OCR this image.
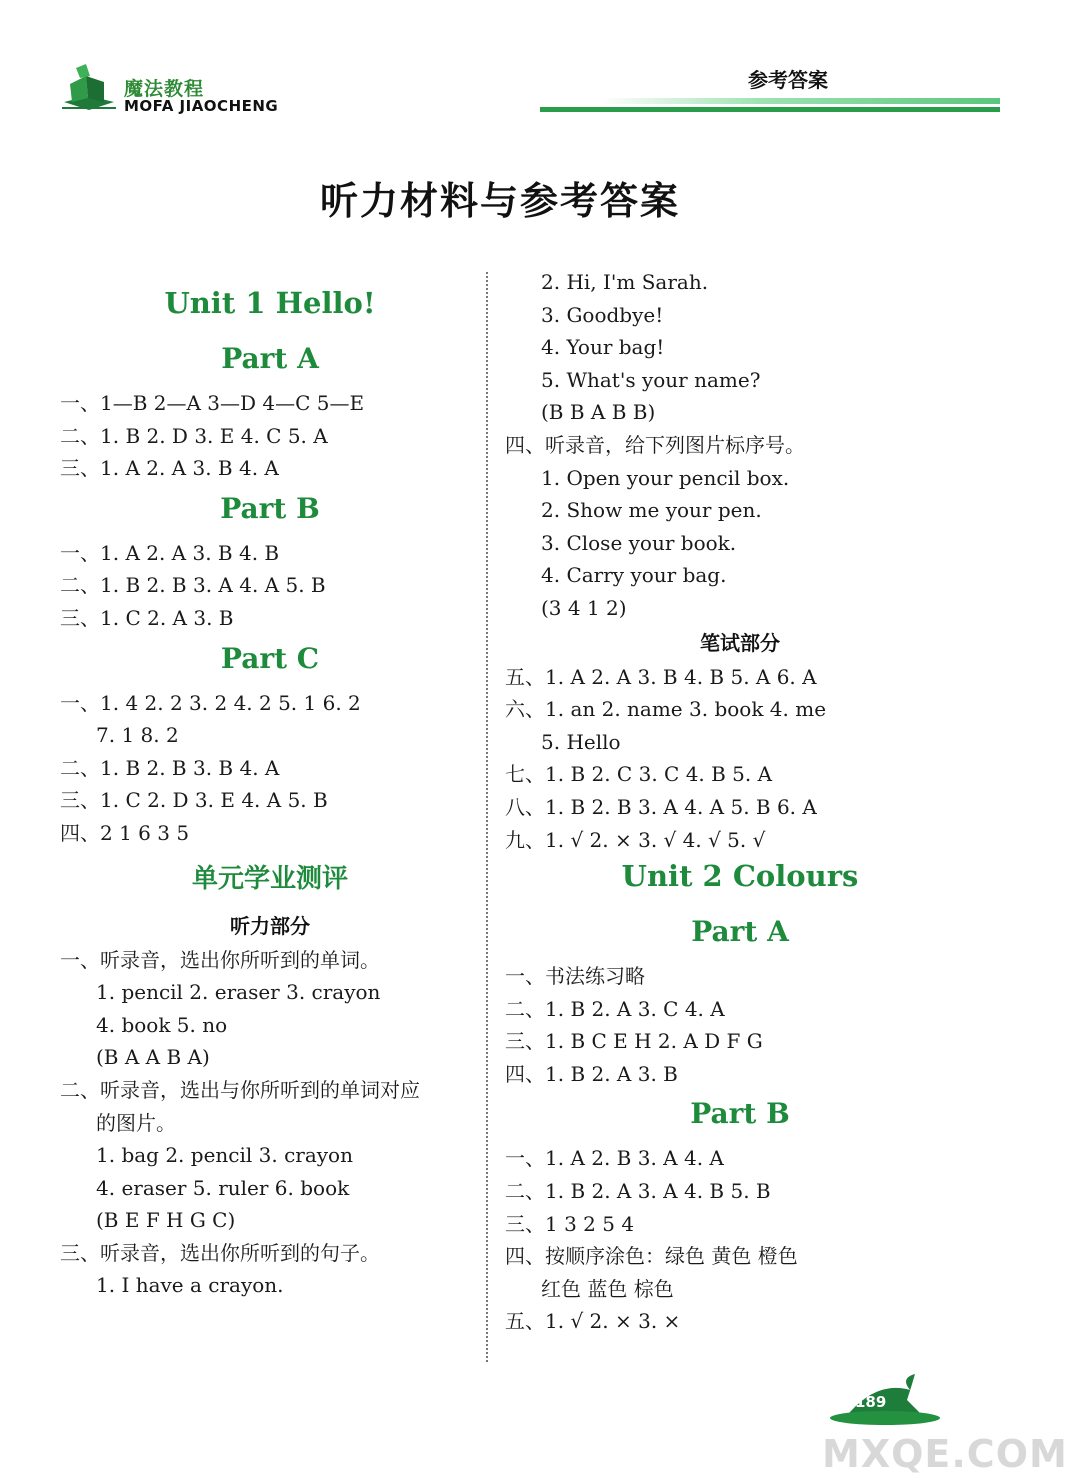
魔法教程
MOFA JIAOCHENG
参考答案
听力材料与参考答案
Unit 1 Hello!
Part A
一、1—B 2—A 3—D 4—C 5—E
二、1. B 2. D 3. E 4. C 5. A
三、1. A 2. A 3. B 4. A
Part B
一、1. A 2. A 3. B 4. B
二、1. B 2. B 3. A 4. A 5. B
三、1. C 2. A 3. B
Part C
一、1. 4 2. 2 3. 2 4. 2 5. 1 6. 2
7. 1 8. 2
二、1. B 2. B 3. B 4. A
三、1. C 2. D 3. E 4. A 5. B
四、2 1 6 3 5
单元学业测评
听力部分
一、听录音，选出你所听到的单词。
1. pencil 2. eraser 3. crayon
4. book 5. no
(B A A B A)
二、听录音，选出与你所听到的单词对应
的图片。
1. bag 2. pencil 3. crayon
4. eraser 5. ruler 6. book
(B E F H G C)
三、听录音，选出你所听到的句子。
1. I have a crayon.
2. Hi, I'm Sarah.
3. Goodbye!
4. Your bag!
5. What's your name?
(B B A B B)
四、听录音，给下列图片标序号。
1. Open your pencil box.
2. Show me your pen.
3. Close your book.
4. Carry your bag.
(3 4 1 2)
笔试部分
五、1. A 2. A 3. B 4. B 5. A 6. A
六、1. an 2. name 3. book 4. me
5. Hello
七、1. B 2. C 3. C 4. B 5. A
八、1. B 2. B 3. A 4. A 5. B 6. A
九、1. √ 2. × 3. √ 4. √ 5. √
Unit 2 Colours
Part A
一、书法练习略
二、1. B 2. A 3. C 4. A
三、1. B C E H 2. A D F G
四、1. B 2. A 3. B
Part B
一、1. A 2. B 3. A 4. A
二、1. B 2. A 3. A 4. B 5. B
三、1 3 2 5 4
四、按顺序涂色：绿色 黄色 橙色
红色 蓝色 棕色
五、1. √ 2. × 3. ×
189
MXQE.COM
